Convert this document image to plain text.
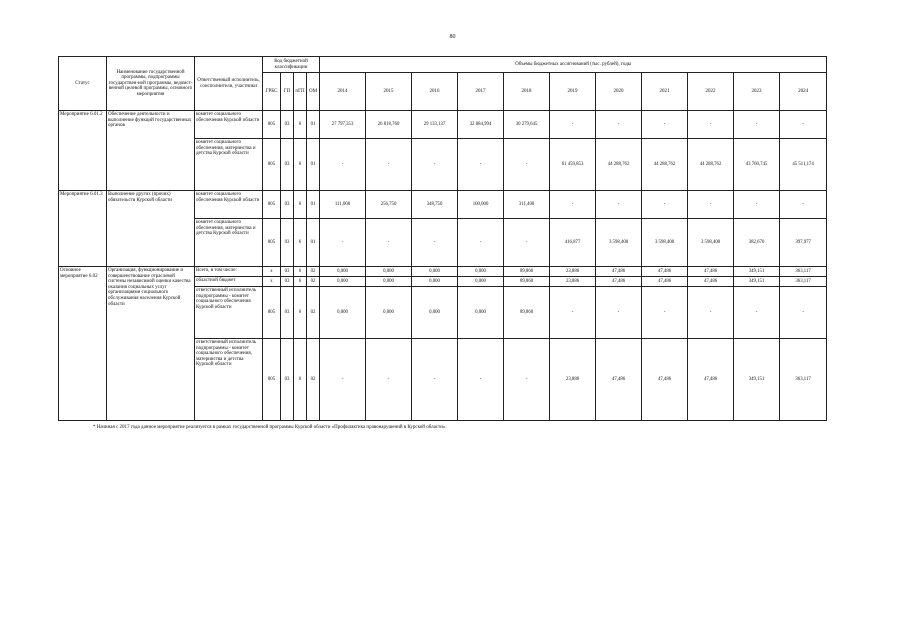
80
Статус	Наименование государственной программы, подпрограммы государствен-ной программы, ведомст-венной целевой программы, основного мероприятия	Ответственный исполнитель, соисполнители, участники	Код бюджетной классификации				Объемы бюджетных ассигнований (тыс. рублей), годы										
			ГРБС	ГП	пГП	ОМ	2014	2015	2016	2017	2018	2019	2020	2021	2022	2023	2024
Мероприятие 6.01.2	Обеспечение деятельности и выполнение функций государственных органов	комитет социального обеспечения Курской области	805	03	6	01	27 797,353	26 818,760	29 133,137	32 084,994	30 279,645	-	-	-	-	-	-
		комитет социального обеспечения, материнства и детства Курской области	805	03	6	01	-	-	-	-	-	61 459,853	44 288,762	44 288,762	44 288,762	43 760,745	45 511,174
Мероприятие 6.01.3	Выполнение других (прочих) обязательств Курской области	комитет социального обеспечения Курской области	805	03	6	01	111,000	256,750	348,750	100,000	311,400	-	-	-	-	-	-
		комитет социального обеспечения, материнства и детства Курской области	805	03	6	01	-	-	-	-	-	416,877	3 598,400	3 598,400	3 598,400	382,670	397,977
Основное мероприятие 6.02	Организация, функционирование и совершенствование отраслевой системы независимой оценки качества оказания социальных услуг организациями социального обслуживания населения Курской области	Всего, в том числе:	x	03	6	02	0,000	0,000	0,000	0,000	89,860	23,886	47,486	47,486	47,486	349,151	363,117
		областной бюджет	x	03	6	02	0,000	0,000	0,000	0,000	89,860	23,886	47,486	47,486	47,486	349,151	363,117
		ответственный исполнитель подпрограммы - комитет социального обеспечения Курской области	805	03	6	02	0,000	0,000	0,000	0,000	89,860	-	-	-	-	-	-
		ответственный исполнитель подпрограммы - комитет социального обеспечения, материнства и детства Курской области	805	03	6	02	-	-	-	-	-	23,886	47,486	47,486	47,486	349,151	363,117
* Начиная с 2017 года данное мероприятие реализуется в рамках государственной программы Курской области «Профилактика правонарушений в Курской области».
